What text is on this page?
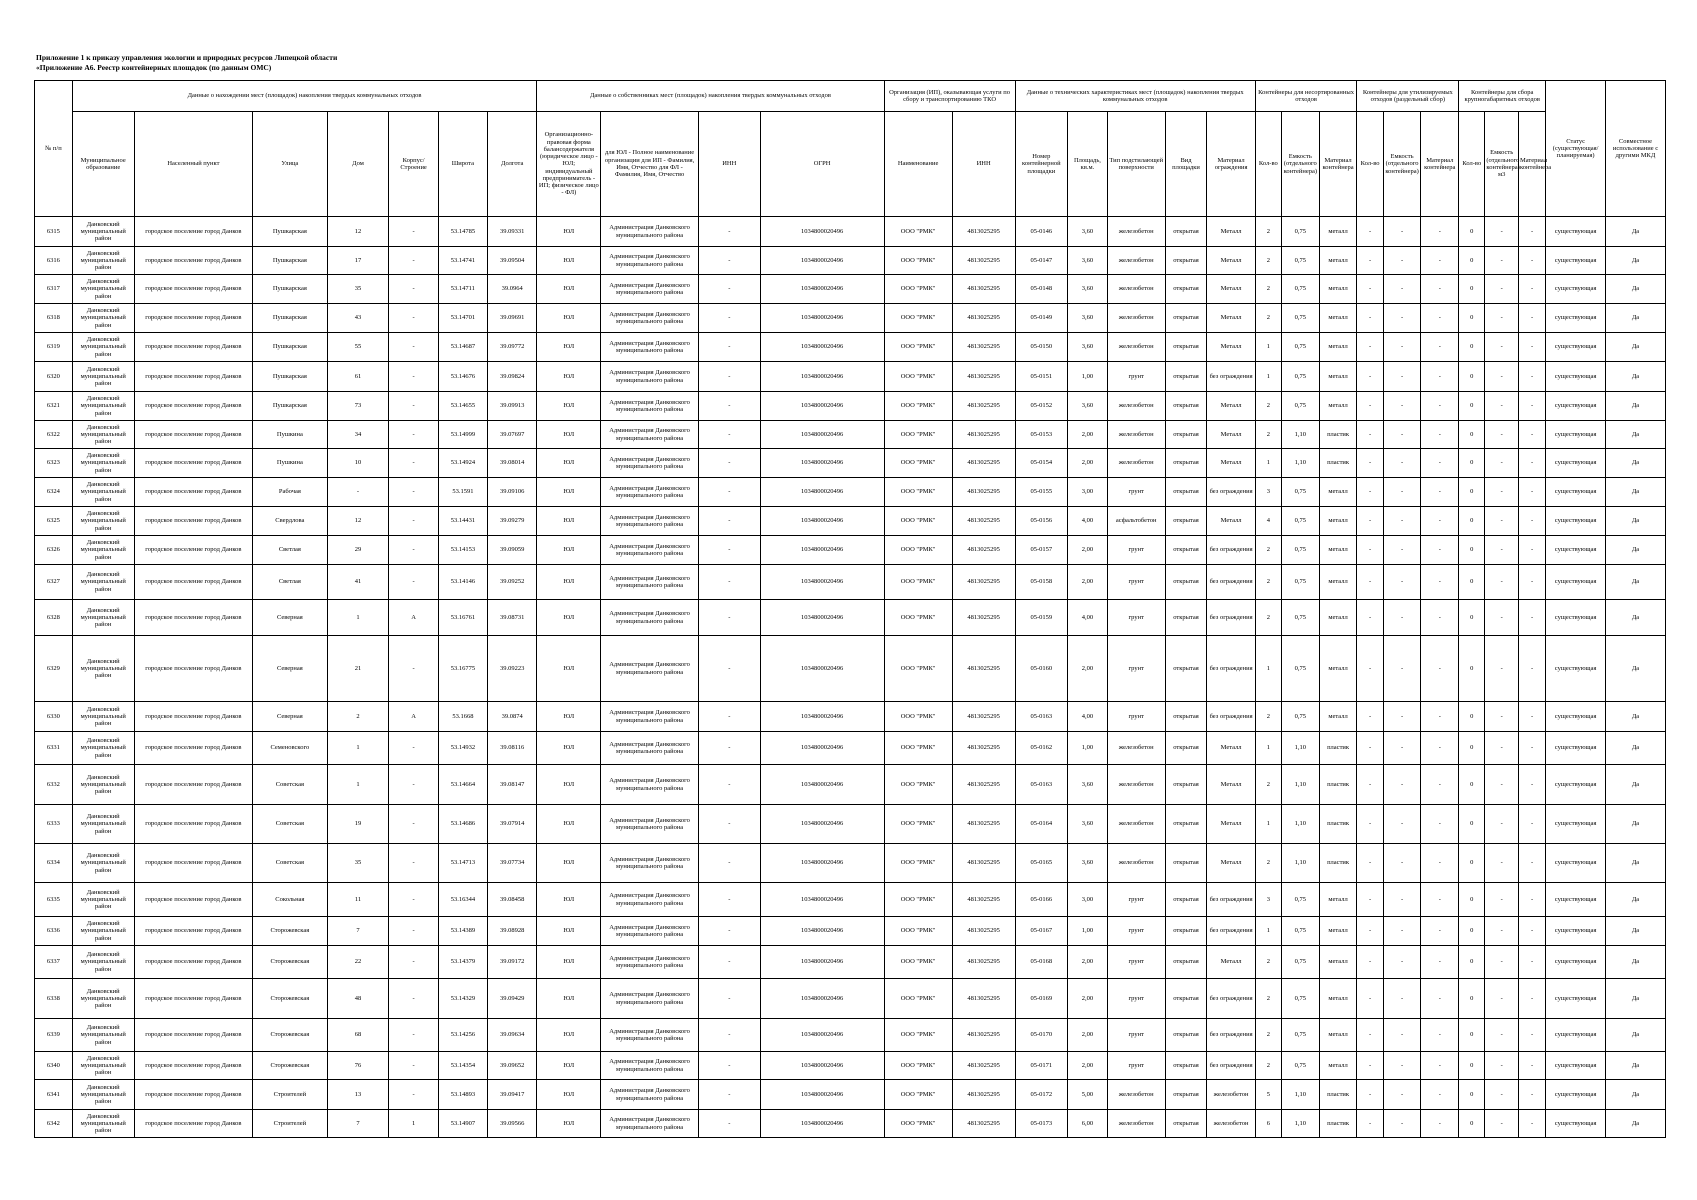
Приложение 1 к приказу управления экологии и природных ресурсов Липецкой области
«Приложение А6. Реестр контейнерных площадок (по данным ОМС)
№ п/п	Данные о нахождении мест (площадок) накопления твердых коммунальных отходов							Данные о собственниках мест (площадок) накопления твердых коммунальных отходов				Организация (ИП), оказывающая услуги по сбору и транспортированию ТКО		Данные о технических характеристиках мест (площадок) накопления твердых коммунальных отходов					Контейнеры для несортированных отходов			Контейнеры для утилизируемых отходов (раздельный сбор)			Контейнеры для сбора крупногабаритных отходов			Статус (существующая/планируемая)	Совместное использование с другими МКД
	Муниципальное образование	Населенный пункт	Улица	Дом	Корпус/Строение	Широта	Долгота	Организационно-правовая форма балансодержателя (юридическое лицо - ЮЛ; индивидуальный предприниматель - ИП; физическое лицо - ФЛ)	для ЮЛ - Полное наименование организации для ИП - Фамилия, Имя, Отчество для ФЛ - Фамилия, Имя, Отчество	ИНН	ОГРН	Наименование	ИНН	Номер контейнерной площадки	Площадь, кв.м.	Тип подстилающей поверхности	Вид площадки	Материал ограждения	Кол-во	Емкость (отдельного контейнера)	Материал контейнера	Кол-во	Емкость (отдельного контейнера)	Материал контейнера	Кол-во	Емкость (отдельного контейнера) м3	Материал контейнера		
6315	Данковский муниципальный район	городское поселение город Данков	Пушкарская	12	-	53.14785	39.09331	ЮЛ	Администрация Данковского муниципального района	-	1034800020496	ООО "РМК"	4813025295	05-0146	3,60	железобетон	открытая	Металл	2	0,75	металл	-	-	-	0	-	-	существующая	Да
6316	Данковский муниципальный район	городское поселение город Данков	Пушкарская	17	-	53.14741	39.09504	ЮЛ	Администрация Данковского муниципального района	-	1034800020496	ООО "РМК"	4813025295	05-0147	3,60	железобетон	открытая	Металл	2	0,75	металл	-	-	-	0	-	-	существующая	Да
6317	Данковский муниципальный район	городское поселение город Данков	Пушкарская	35	-	53.14711	39.0964	ЮЛ	Администрация Данковского муниципального района	-	1034800020496	ООО "РМК"	4813025295	05-0148	3,60	железобетон	открытая	Металл	2	0,75	металл	-	-	-	0	-	-	существующая	Да
6318	Данковский муниципальный район	городское поселение город Данков	Пушкарская	43	-	53.14701	39.09691	ЮЛ	Администрация Данковского муниципального района	-	1034800020496	ООО "РМК"	4813025295	05-0149	3,60	железобетон	открытая	Металл	2	0,75	металл	-	-	-	0	-	-	существующая	Да
6319	Данковский муниципальный район	городское поселение город Данков	Пушкарская	55	-	53.14687	39.09772	ЮЛ	Администрация Данковского муниципального района	-	1034800020496	ООО "РМК"	4813025295	05-0150	3,60	железобетон	открытая	Металл	1	0,75	металл	-	-	-	0	-	-	существующая	Да
6320	Данковский муниципальный район	городское поселение город Данков	Пушкарская	61	-	53.14676	39.09824	ЮЛ	Администрация Данковского муниципального района	-	1034800020496	ООО "РМК"	4813025295	05-0151	1,00	грунт	открытая	без ограждения	1	0,75	металл	-	-	-	0	-	-	существующая	Да
6321	Данковский муниципальный район	городское поселение город Данков	Пушкарская	73	-	53.14655	39.09913	ЮЛ	Администрация Данковского муниципального района	-	1034800020496	ООО "РМК"	4813025295	05-0152	3,60	железобетон	открытая	Металл	2	0,75	металл	-	-	-	0	-	-	существующая	Да
6322	Данковский муниципальный район	городское поселение город Данков	Пушкина	34	-	53.14999	39.07697	ЮЛ	Администрация Данковского муниципального района	-	1034800020496	ООО "РМК"	4813025295	05-0153	2,00	железобетон	открытая	Металл	2	1,10	пластик	-	-	-	0	-	-	существующая	Да
6323	Данковский муниципальный район	городское поселение город Данков	Пушкина	10	-	53.14924	39.08014	ЮЛ	Администрация Данковского муниципального района	-	1034800020496	ООО "РМК"	4813025295	05-0154	2,00	железобетон	открытая	Металл	1	1,10	пластик	-	-	-	0	-	-	существующая	Да
6324	Данковский муниципальный район	городское поселение город Данков	Рабочая	-	-	53.1591	39.09106	ЮЛ	Администрация Данковского муниципального района	-	1034800020496	ООО "РМК"	4813025295	05-0155	3,00	грунт	открытая	без ограждения	3	0,75	металл	-	-	-	0	-	-	существующая	Да
6325	Данковский муниципальный район	городское поселение город Данков	Свердлова	12	-	53.14431	39.09279	ЮЛ	Администрация Данковского муниципального района	-	1034800020496	ООО "РМК"	4813025295	05-0156	4,00	асфальтобетон	открытая	Металл	4	0,75	металл	-	-	-	0	-	-	существующая	Да
6326	Данковский муниципальный район	городское поселение город Данков	Светлая	29	-	53.14153	39.09059	ЮЛ	Администрация Данковского муниципального района	-	1034800020496	ООО "РМК"	4813025295	05-0157	2,00	грунт	открытая	без ограждения	2	0,75	металл	-	-	-	0	-	-	существующая	Да
6327	Данковский муниципальный район	городское поселение город Данков	Светлая	41	-	53.14146	39.09252	ЮЛ	Администрация Данковского муниципального района	-	1034800020496	ООО "РМК"	4813025295	05-0158	2,00	грунт	открытая	без ограждения	2	0,75	металл	-	-	-	0	-	-	существующая	Да
6328	Данковский муниципальный район	городское поселение город Данков	Северная	1	А	53.16761	39.08731	ЮЛ	Администрация Данковского муниципального района	-	1034800020496	ООО "РМК"	4813025295	05-0159	4,00	грунт	открытая	без ограждения	2	0,75	металл	-	-	-	0	-	-	существующая	Да
6329	Данковский муниципальный район	городское поселение город Данков	Северная	21	-	53.16775	39.09223	ЮЛ	Администрация Данковского муниципального района	-	1034800020496	ООО "РМК"	4813025295	05-0160	2,00	грунт	открытая	без ограждения	1	0,75	металл	-	-	-	0	-	-	существующая	Да
6330	Данковский муниципальный район	городское поселение город Данков	Северная	2	А	53.1668	39.0874	ЮЛ	Администрация Данковского муниципального района	-	1034800020496	ООО "РМК"	4813025295	05-0163	4,00	грунт	открытая	без ограждения	2	0,75	металл	-	-	-	0	-	-	существующая	Да
6331	Данковский муниципальный район	городское поселение город Данков	Семеновского	1	-	53.14932	39.08116	ЮЛ	Администрация Данковского муниципального района	-	1034800020496	ООО "РМК"	4813025295	05-0162	1,00	железобетон	открытая	Металл	1	1,10	пластик	-	-	-	0	-	-	существующая	Да
6332	Данковский муниципальный район	городское поселение город Данков	Советская	1	-	53.14664	39.08147	ЮЛ	Администрация Данковского муниципального района	-	1034800020496	ООО "РМК"	4813025295	05-0163	3,60	железобетон	открытая	Металл	2	1,10	пластик	-	-	-	0	-	-	существующая	Да
6333	Данковский муниципальный район	городское поселение город Данков	Советская	19	-	53.14686	39.07914	ЮЛ	Администрация Данковского муниципального района	-	1034800020496	ООО "РМК"	4813025295	05-0164	3,60	железобетон	открытая	Металл	1	1,10	пластик	-	-	-	0	-	-	существующая	Да
6334	Данковский муниципальный район	городское поселение город Данков	Советская	35	-	53.14713	39.07734	ЮЛ	Администрация Данковского муниципального района	-	1034800020496	ООО "РМК"	4813025295	05-0165	3,60	железобетон	открытая	Металл	2	1,10	пластик	-	-	-	0	-	-	существующая	Да
6335	Данковский муниципальный район	городское поселение город Данков	Сокольная	11	-	53.16344	39.08458	ЮЛ	Администрация Данковского муниципального района	-	1034800020496	ООО "РМК"	4813025295	05-0166	3,00	грунт	открытая	без ограждения	3	0,75	металл	-	-	-	0	-	-	существующая	Да
6336	Данковский муниципальный район	городское поселение город Данков	Сторожевская	7	-	53.14389	39.08928	ЮЛ	Администрация Данковского муниципального района	-	1034800020496	ООО "РМК"	4813025295	05-0167	1,00	грунт	открытая	без ограждения	1	0,75	металл	-	-	-	0	-	-	существующая	Да
6337	Данковский муниципальный район	городское поселение город Данков	Сторожевская	22	-	53.14379	39.09172	ЮЛ	Администрация Данковского муниципального района	-	1034800020496	ООО "РМК"	4813025295	05-0168	2,00	грунт	открытая	Металл	2	0,75	металл	-	-	-	0	-	-	существующая	Да
6338	Данковский муниципальный район	городское поселение город Данков	Сторожевская	48	-	53.14329	39.09429	ЮЛ	Администрация Данковского муниципального района	-	1034800020496	ООО "РМК"	4813025295	05-0169	2,00	грунт	открытая	без ограждения	2	0,75	металл	-	-	-	0	-	-	существующая	Да
6339	Данковский муниципальный район	городское поселение город Данков	Сторожевская	68	-	53.14256	39.09634	ЮЛ	Администрация Данковского муниципального района	-	1034800020496	ООО "РМК"	4813025295	05-0170	2,00	грунт	открытая	без ограждения	2	0,75	металл	-	-	-	0	-	-	существующая	Да
6340	Данковский муниципальный район	городское поселение город Данков	Сторожевская	76	-	53.14354	39.09652	ЮЛ	Администрация Данковского муниципального района	-	1034800020496	ООО "РМК"	4813025295	05-0171	2,00	грунт	открытая	без ограждения	2	0,75	металл	-	-	-	0	-	-	существующая	Да
6341	Данковский муниципальный район	городское поселение город Данков	Строителей	13	-	53.14893	39.09417	ЮЛ	Администрация Данковского муниципального района	-	1034800020496	ООО "РМК"	4813025295	05-0172	5,00	железобетон	открытая	железобетон	5	1,10	пластик	-	-	-	0	-	-	существующая	Да
6342	Данковский муниципальный район	городское поселение город Данков	Строителей	7	1	53.14907	39.09566	ЮЛ	Администрация Данковского муниципального района	-	1034800020496	ООО "РМК"	4813025295	05-0173	6,00	железобетон	открытая	железобетон	6	1,10	пластик	-	-	-	0	-	-	существующая	Да
